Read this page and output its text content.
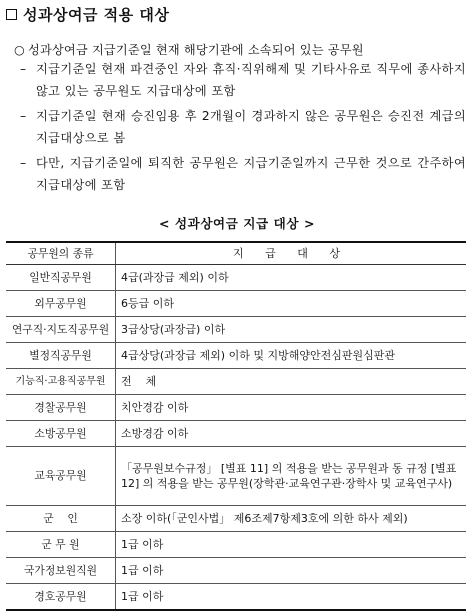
성과상여금 적용 대상
○ 성과상여금 지급기준일 현재 해당기관에 소속되어 있는 공무원
– 지급기준일 현재 파견중인 자와 휴직·직위해제 및 기타사유로 직무에 종사하지 않고 있는 공무원도 지급대상에 포함
– 지급기준일 현재 승진임용 후 2개월이 경과하지 않은 공무원은 승진전 계급의 지급대상으로 봄
– 다만, 지급기준일에 퇴직한 공무원은 지급기준일까지 근무한 것으로 간주하여 지급대상에 포함
< 성과상여금 지급 대상 >
공무원의 종류	지 급 대 상
일반직공무원	4급(과장급 제외) 이하
외무공무원	6등급 이하
연구직·지도직공무원	3급상당(과장급) 이하
별정직공무원	4급상당(과장급 제외) 이하 및 지방해양안전심판원심판관
기능직·고용직공무원	전    체
경찰공무원	치안경감 이하
소방공무원	소방경감 이하
교육공무원	「공무원보수규정」 [별표 11] 의 적용을 받는 공무원과 동 규정 [별표 12] 의 적용을 받는 공무원(장학관·교육연구관·장학사 및 교육연구사)
군    인	소장 이하(「군인사법」 제6조제7항제3호에 의한 하사 제외)
군 무 원	1급 이하
국가정보원직원	1급 이하
경호공무원	1급 이하
